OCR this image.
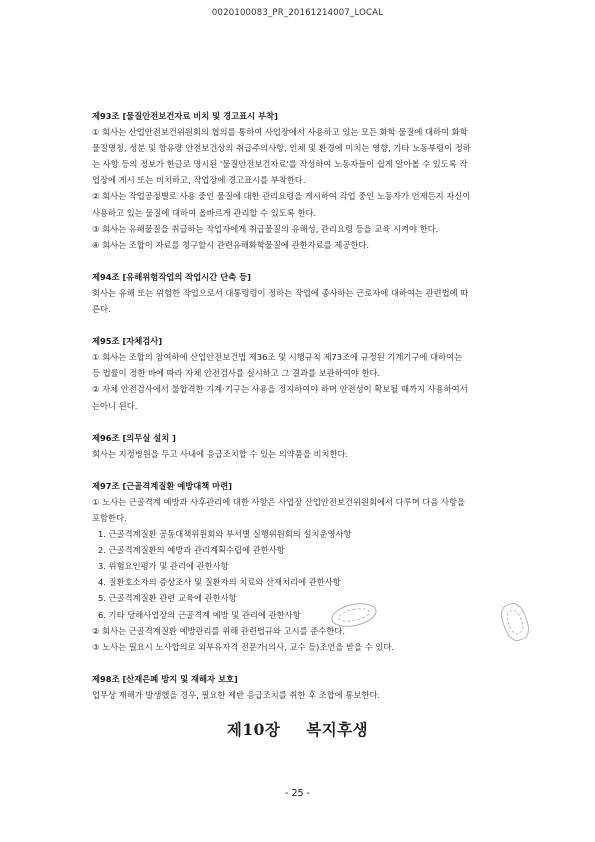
0020100083_PR_20161214007_LOCAL
제93조 [물질안전보건자료 비치 및 경고표시 부착]
① 회사는 산업안전보건위원회의 협의를 통하여 사업장에서 사용하고 있는 모든 화학 물질에 대하여 화학
물질명칭, 성분 및 함유량 안전보건상의 취급주의사항, 인체 및 환경에 미치는 영향, 기타 노동부령이 정하
는 사항 등의 정보가 한글로 명시된 '물질안전보건자료'를 작성하여 노동자들이 쉽게 알아볼 수 있도록 작
업장에 게시 또는 비치하고, 작업장에 경고표시를 부착한다.
② 회사는 작업공정별로 사용 중인 물질에 대한 관리요령을 게시하여 작업 중인 노동자가 언제든지 자신이
사용하고 있는 물질에 대하여 올바르게 관리할 수 있도록 한다.
③ 회사는 유해물질을 취급하는 작업자에게 취급물질의 유해성, 관리요령 등을 교육 시켜야 한다.
④ 회사는 조합이 자료를 청구할시 관련유해화학물질에 관한자료를 제공한다.
제94조 [유해위험작업의 작업시간 단축 등]
회사는 유해 또는 위험한 작업으로서 대통령령이 정하는 작업에 종사하는 근로자에 대하여는 관련법에 따
른다.
제95조 [자체검사]
① 회사는 조합의 참여하에 산업안전보건법 제36조 및 시행규칙 제73조에 규정된 기계기구에 대하여는
등 법률이 정한 바에 따라 자체 안전검사를 실시하고 그 결과를 보관하여야 한다.
② 자체 안전검사에서 불합격한 기계·기구는 사용을 정지하여야 하며 안전성이 확보될 때까지 사용하여서
는아니 된다.
제96조 [의무실 설치 ]
회사는 지정병원을 두고 사내에 응급조치할 수 있는 의약품을 비치한다.
제97조 [근골격계질환 예방대책 마련]
① 노사는 근골격계 예방과 사후관리에 대한 사항은 사업장 산업안전보건위원회에서 다루며 다음 사항을
포함한다.
1. 근골격계질환 공동대책위원회와 부서별 실행위원회의 설치운영사항
2. 근골격계질환의 예방과 관리계획수립에 관한사항
3. 위험요인평가 및 관리에 관한사항
4. 질환호소자의 증상조사 및 질환자의 치료와 산재처리에 관한사항
5. 근골격계질환 관련 교육에 관한사항
6. 기타 당해사업장의 근골격계 예방 및 관리에 관한사항
② 회사는 근골격계질환 예방관리를 위해 관련법규와 고시를 준수한다.
③ 노사는 필요시 노사합의로 외부유자격 전문가(의사, 교수 등)조언을 받을 수 있다.
제98조 [산재은폐 방지 및 재해자 보호]
업무상 재해가 발생했을 경우, 필요한 제반 응급조치를 취한 후 조합에 통보한다.
제10장 복지후생
- 25 -
